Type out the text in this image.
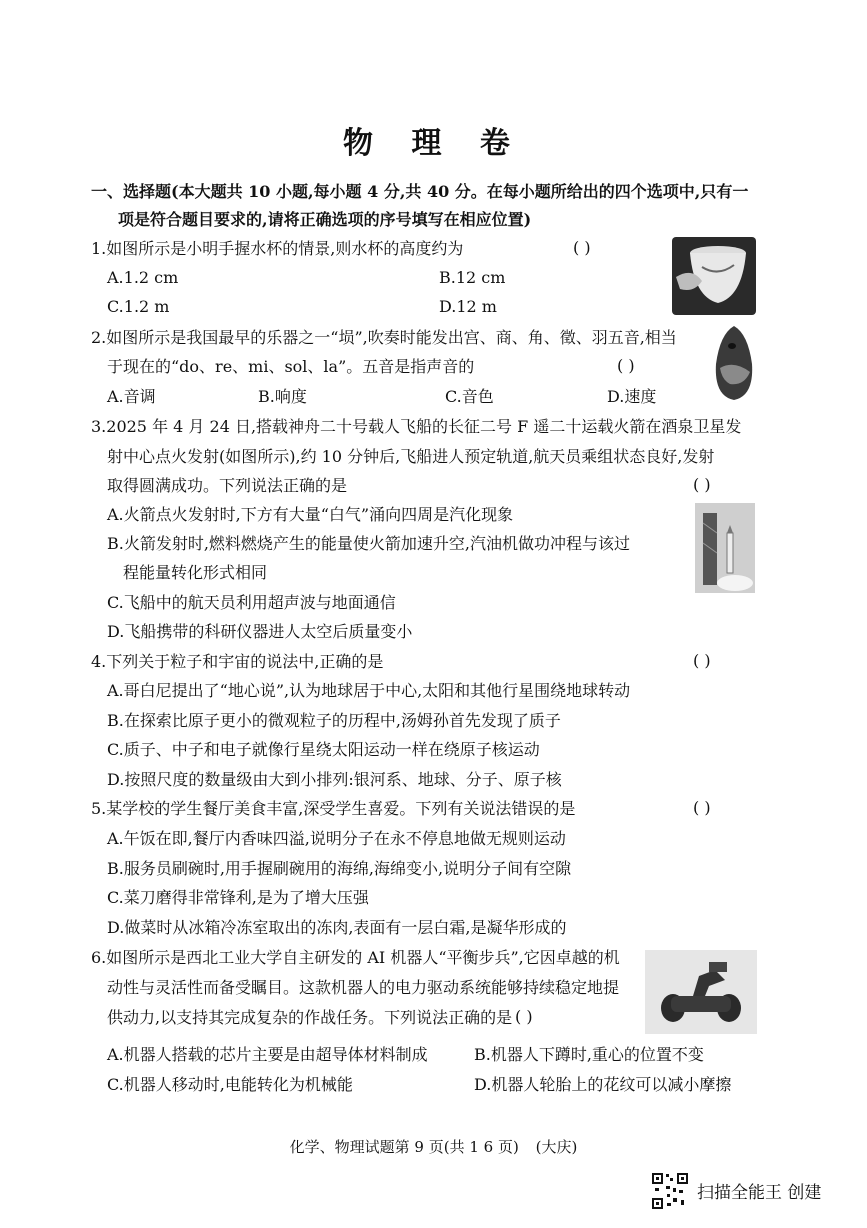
物 理 卷
一、选择题(本大题共 10 小题,每小题 4 分,共 40 分。在每小题所给出的四个选项中,只有一
项是符合题目要求的,请将正确选项的序号填写在相应位置)
1.如图所示是小明手握水杯的情景,则水杯的高度约为	( )
A.1.2 cm	B.12 cm
C.1.2 m	D.12 m
2.如图所示是我国最早的乐器之一“埙”,吹奏时能发出宫、商、角、徵、羽五音,相当
于现在的“do、re、mi、sol、la”。五音是指声音的	( )
A.音调	B.响度	C.音色	D.速度
3.2025 年 4 月 24 日,搭载神舟二十号载人飞船的长征二号 F 遥二十运载火箭在酒泉卫星发
射中心点火发射(如图所示),约 10 分钟后,飞船进人预定轨道,航天员乘组状态良好,发射
取得圆满成功。下列说法正确的是	( )
A.火箭点火发射时,下方有大量“白气”涌向四周是汽化现象
B.火箭发射时,燃料燃烧产生的能量使火箭加速升空,汽油机做功冲程与该过
程能量转化形式相同
C.飞船中的航天员利用超声波与地面通信
D.飞船携带的科研仪器进人太空后质量变小
4.下列关于粒子和宇宙的说法中,正确的是	( )
A.哥白尼提出了“地心说”,认为地球居于中心,太阳和其他行星围绕地球转动
B.在探索比原子更小的微观粒子的历程中,汤姆孙首先发现了质子
C.质子、中子和电子就像行星绕太阳运动一样在绕原子核运动
D.按照尺度的数量级由大到小排列:银河系、地球、分子、原子核
5.某学校的学生餐厅美食丰富,深受学生喜爱。下列有关说法错误的是	( )
A.午饭在即,餐厅内香味四溢,说明分子在永不停息地做无规则运动
B.服务员刷碗时,用手握刷碗用的海绵,海绵变小,说明分子间有空隙
C.菜刀磨得非常锋利,是为了增大压强
D.做菜时从冰箱冷冻室取出的冻肉,表面有一层白霜,是凝华形成的
6.如图所示是西北工业大学自主研发的 AI 机器人“平衡步兵”,它因卓越的机
动性与灵活性而备受瞩目。这款机器人的电力驱动系统能够持续稳定地提
供动力,以支持其完成复杂的作战任务。下列说法正确的是 ( )
A.机器人搭载的芯片主要是由超导体材料制成	B.机器人下蹲时,重心的位置不变
C.机器人移动时,电能转化为机械能	D.机器人轮胎上的花纹可以减小摩擦
化学、物理试题第 9 页(共 1 6 页) (大庆)
扫描全能王 创建
